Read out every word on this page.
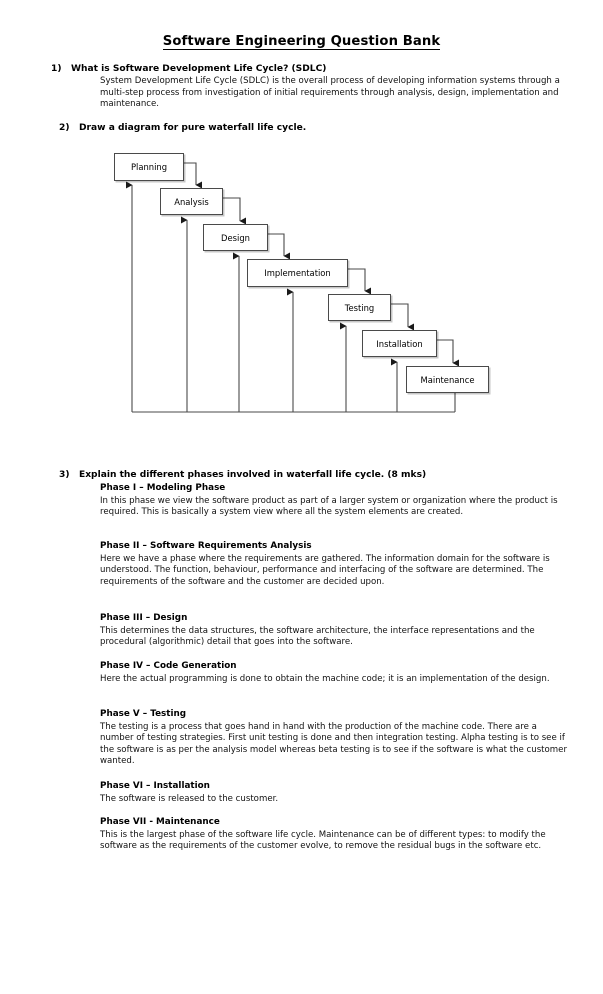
Software Engineering Question Bank
1) What is Software Development Life Cycle? (SDLC)
System Development Life Cycle (SDLC) is the overall process of developing information systems through a multi-step process from investigation of initial requirements through analysis, design, implementation and maintenance.
2) Draw a diagram for pure waterfall life cycle.
Planning
Analysis
Design
Implementation
Testing
Installation
Maintenance
3) Explain the different phases involved in waterfall life cycle. (8 mks)

Phase I – Modeling Phase

In this phase we view the software product as part of a larger system or organization where the product is required. This is basically a system view where all the system elements are created.

Phase II – Software Requirements Analysis

Here we have a phase where the requirements are gathered. The information domain for the software is understood. The function, behaviour, performance and interfacing of the software are determined. The requirements of the software and the customer are decided upon.

Phase III – Design

This determines the data structures, the software architecture, the interface representations and the procedural (algorithmic) detail that goes into the software.

Phase IV – Code Generation

Here the actual programming is done to obtain the machine code; it is an implementation of the design.

Phase V – Testing

The testing is a process that goes hand in hand with the production of the machine code. There are a number of testing strategies. First unit testing is done and then integration testing. Alpha testing is to see if the software is as per the analysis model whereas beta testing is to see if the software is what the customer wanted.

Phase VI – Installation

The software is released to the customer.

Phase VII - Maintenance

This is the largest phase of the software life cycle. Maintenance can be of different types: to modify the software as the requirements of the customer evolve, to remove the residual bugs in the software etc.
